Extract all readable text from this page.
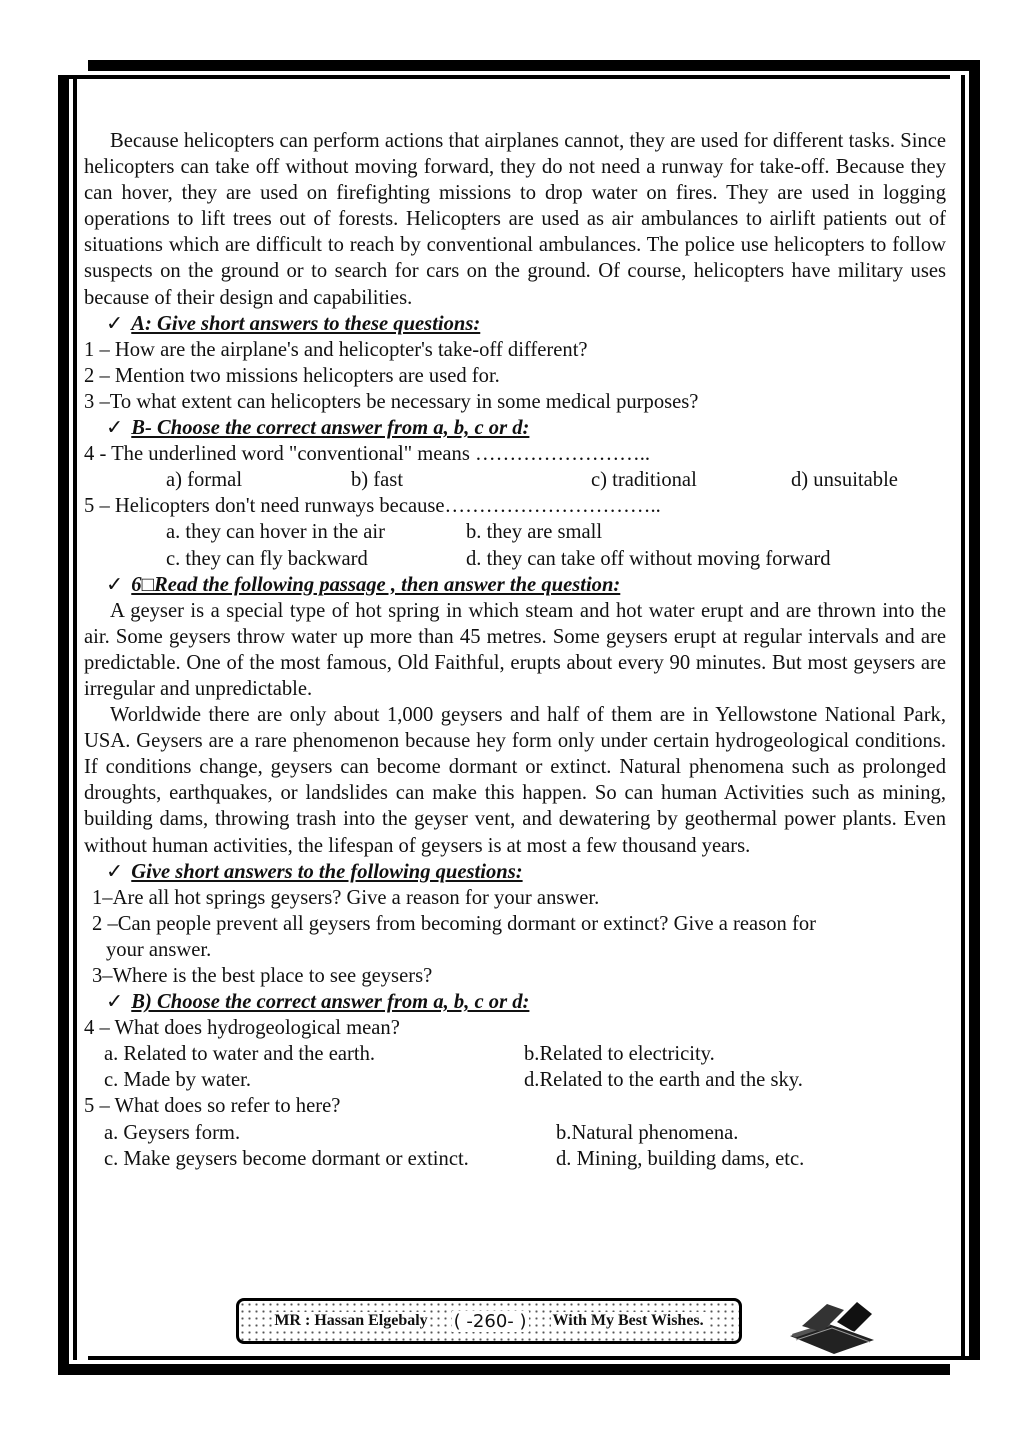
Because helicopters can perform actions that airplanes cannot, they are used for different tasks. Since helicopters can take off without moving forward, they do not need a runway for take-off. Because they can hover, they are used on firefighting missions to drop water on fires. They are used in logging operations to lift trees out of forests. Helicopters are used as air ambulances to airlift patients out of situations which are difficult to reach by conventional ambulances. The police use helicopters to follow suspects on the ground or to search for cars on the ground. Of course, helicopters have military uses because of their design and capabilities.

✓ A: Give short answers to these questions:

1 – How are the airplane's and helicopter's take-off different?

2 – Mention two missions helicopters are used for.

3 –To what extent can helicopters be necessary in some medical purposes?

✓ B- Choose the correct answer from a, b, c or d:

4 - The underlined word "conventional" means ……………………..

a) formal	b) fast	c) traditional	d) unsuitable

5 – Helicopters don't need runways because…………………………..

a. they can hover in the air	b. they are small
c. they can fly backward	d. they can take off without moving forward
✓ 6□Read the following passage , then answer the question:

A geyser is a special type of hot spring in which steam and hot water erupt and are thrown into the air. Some geysers throw water up more than 45 metres. Some geysers erupt at regular intervals and are predictable. One of the most famous, Old Faithful, erupts about every 90 minutes. But most geysers are irregular and unpredictable.

Worldwide there are only about 1,000 geysers and half of them are in Yellowstone National Park, USA. Geysers are a rare phenomenon because hey form only under certain hydrogeological conditions. If conditions change, geysers can become dormant or extinct. Natural phenomena such as prolonged droughts, earthquakes, or landslides can make this happen. So can human Activities such as mining, building dams, throwing trash into the geyser vent, and dewatering by geothermal power plants. Even without human activities, the lifespan of geysers is at most a few thousand years.

✓ Give short answers to the following questions:

1–Are all hot springs geysers? Give a reason for your answer.

2 –Can people prevent all geysers from becoming dormant or extinct? Give a reason for

your answer.

3–Where is the best place to see geysers?

✓ B) Choose the correct answer from a, b, c or d:

4 – What does hydrogeological mean?

a. Related to water and the earth.	b.Related to electricity.
c. Made by water.	d.Related to the earth and the sky.

5 – What does so refer to here?

a. Geysers form.	b.Natural phenomena.
c. Make geysers become dormant or extinct.	d. Mining, building dams, etc.
MR : Hassan Elgebaly ( -260- ) With My Best Wishes.
